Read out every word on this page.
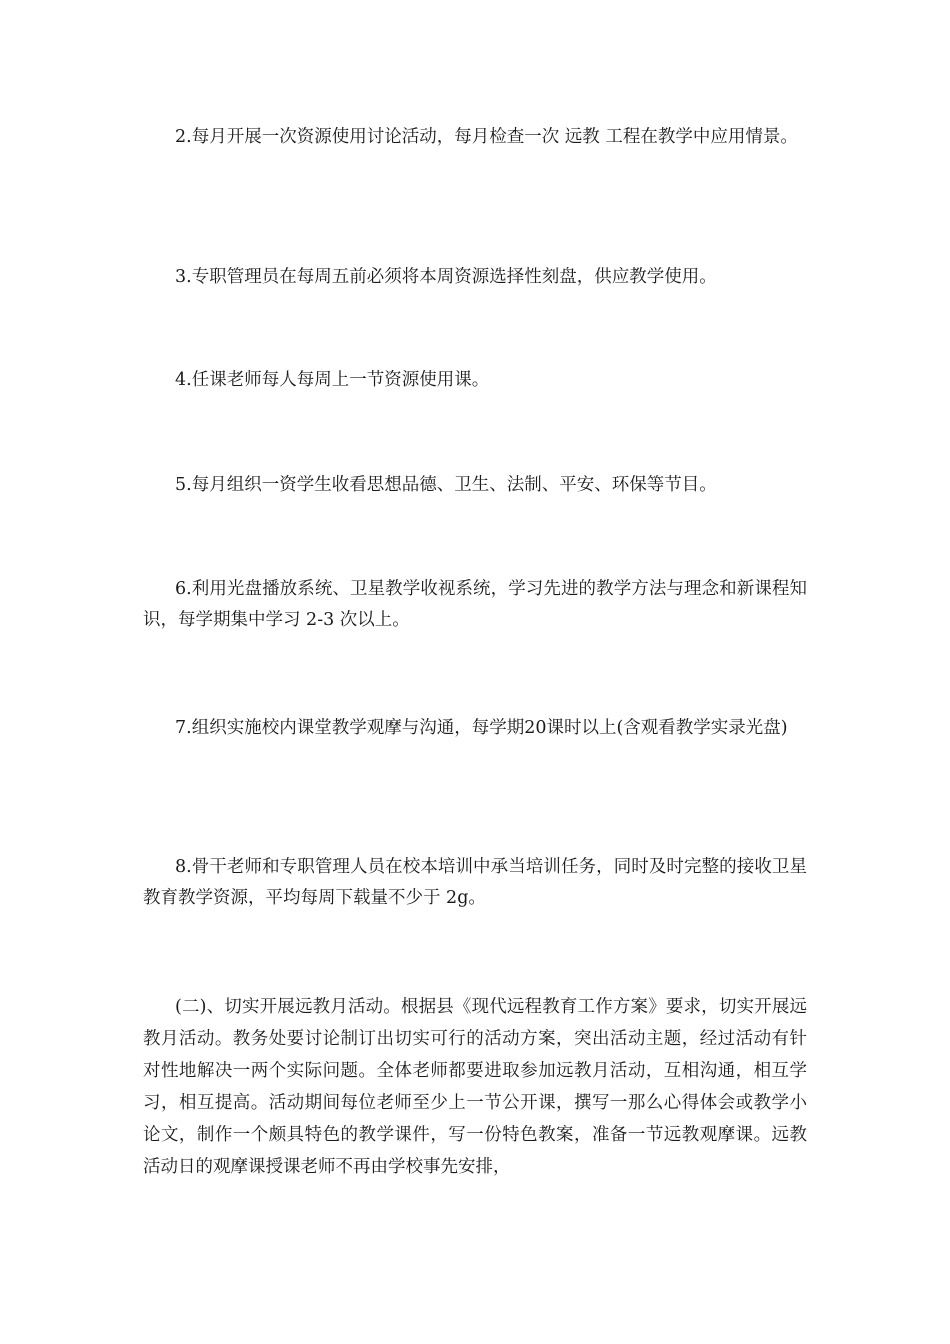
2.每月开展一次资源使用讨论活动，每月检查一次 远教 工程在教学中应用情景。

3.专职管理员在每周五前必须将本周资源选择性刻盘，供应教学使用。

4.任课老师每人每周上一节资源使用课。

5.每月组织一资学生收看思想品德、卫生、法制、平安、环保等节目。

6.利用光盘播放系统、卫星教学收视系统，学习先进的教学方法与理念和新课程知识，每学期集中学习 2-3 次以上。

7.组织实施校内课堂教学观摩与沟通，每学期20课时以上(含观看教学实录光盘)

8.骨干老师和专职管理人员在校本培训中承当培训任务，同时及时完整的接收卫星教育教学资源，平均每周下载量不少于 2g。

(二)、切实开展远教月活动。根据县《现代远程教育工作方案》要求，切实开展远教月活动。教务处要讨论制订出切实可行的活动方案，突出活动主题，经过活动有针对性地解决一两个实际问题。全体老师都要进取参加远教月活动，互相沟通，相互学习，相互提高。活动期间每位老师至少上一节公开课，撰写一那么心得体会或教学小论文，制作一个颇具特色的教学课件，写一份特色教案，准备一节远教观摩课。远教活动日的观摩课授课老师不再由学校事先安排，
